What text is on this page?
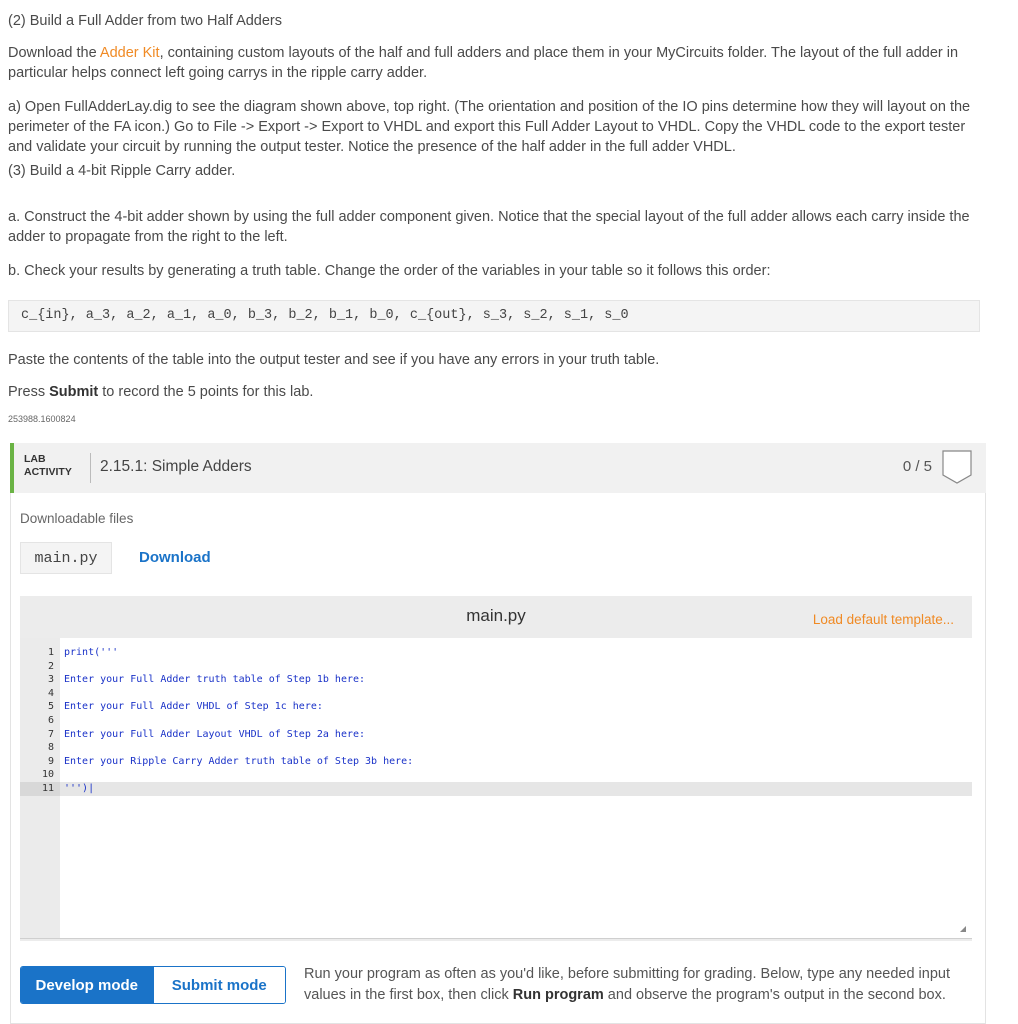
(2) Build a Full Adder from two Half Adders
Download the Adder Kit, containing custom layouts of the half and full adders and place them in your MyCircuits folder. The layout of the full adder in particular helps connect left going carrys in the ripple carry adder.
a) Open FullAdderLay.dig to see the diagram shown above, top right. (The orientation and position of the IO pins determine how they will layout on the perimeter of the FA icon.) Go to File -> Export -> Export to VHDL and export this Full Adder Layout to VHDL. Copy the VHDL code to the export tester and validate your circuit by running the output tester. Notice the presence of the half adder in the full adder VHDL.
(3) Build a 4-bit Ripple Carry adder.
a. Construct the 4-bit adder shown by using the full adder component given. Notice that the special layout of the full adder allows each carry inside the adder to propagate from the right to the left.
b. Check your results by generating a truth table. Change the order of the variables in your table so it follows this order:
c_{in}, a_3, a_2, a_1, a_0, b_3, b_2, b_1, b_0, c_{out}, s_3, s_2, s_1, s_0
Paste the contents of the table into the output tester and see if you have any errors in your truth table.
Press Submit to record the 5 points for this lab.
253988.1600824
LAB
ACTIVITY 2.15.1: Simple Adders	0 / 5
Downloadable files
main.py	Download
main.py	Load default template...
1 print('''
2
3 Enter your Full Adder truth table of Step 1b here:
4
5 Enter your Full Adder VHDL of Step 1c here:
6
7 Enter your Full Adder Layout VHDL of Step 2a here:
8
9 Enter your Ripple Carry Adder truth table of Step 3b here:
10
11	''')|
Develop mode	Submit mode
Run your program as often as you'd like, before submitting for grading. Below, type any needed input values in the first box, then click Run program and observe the program's output in the second box.
